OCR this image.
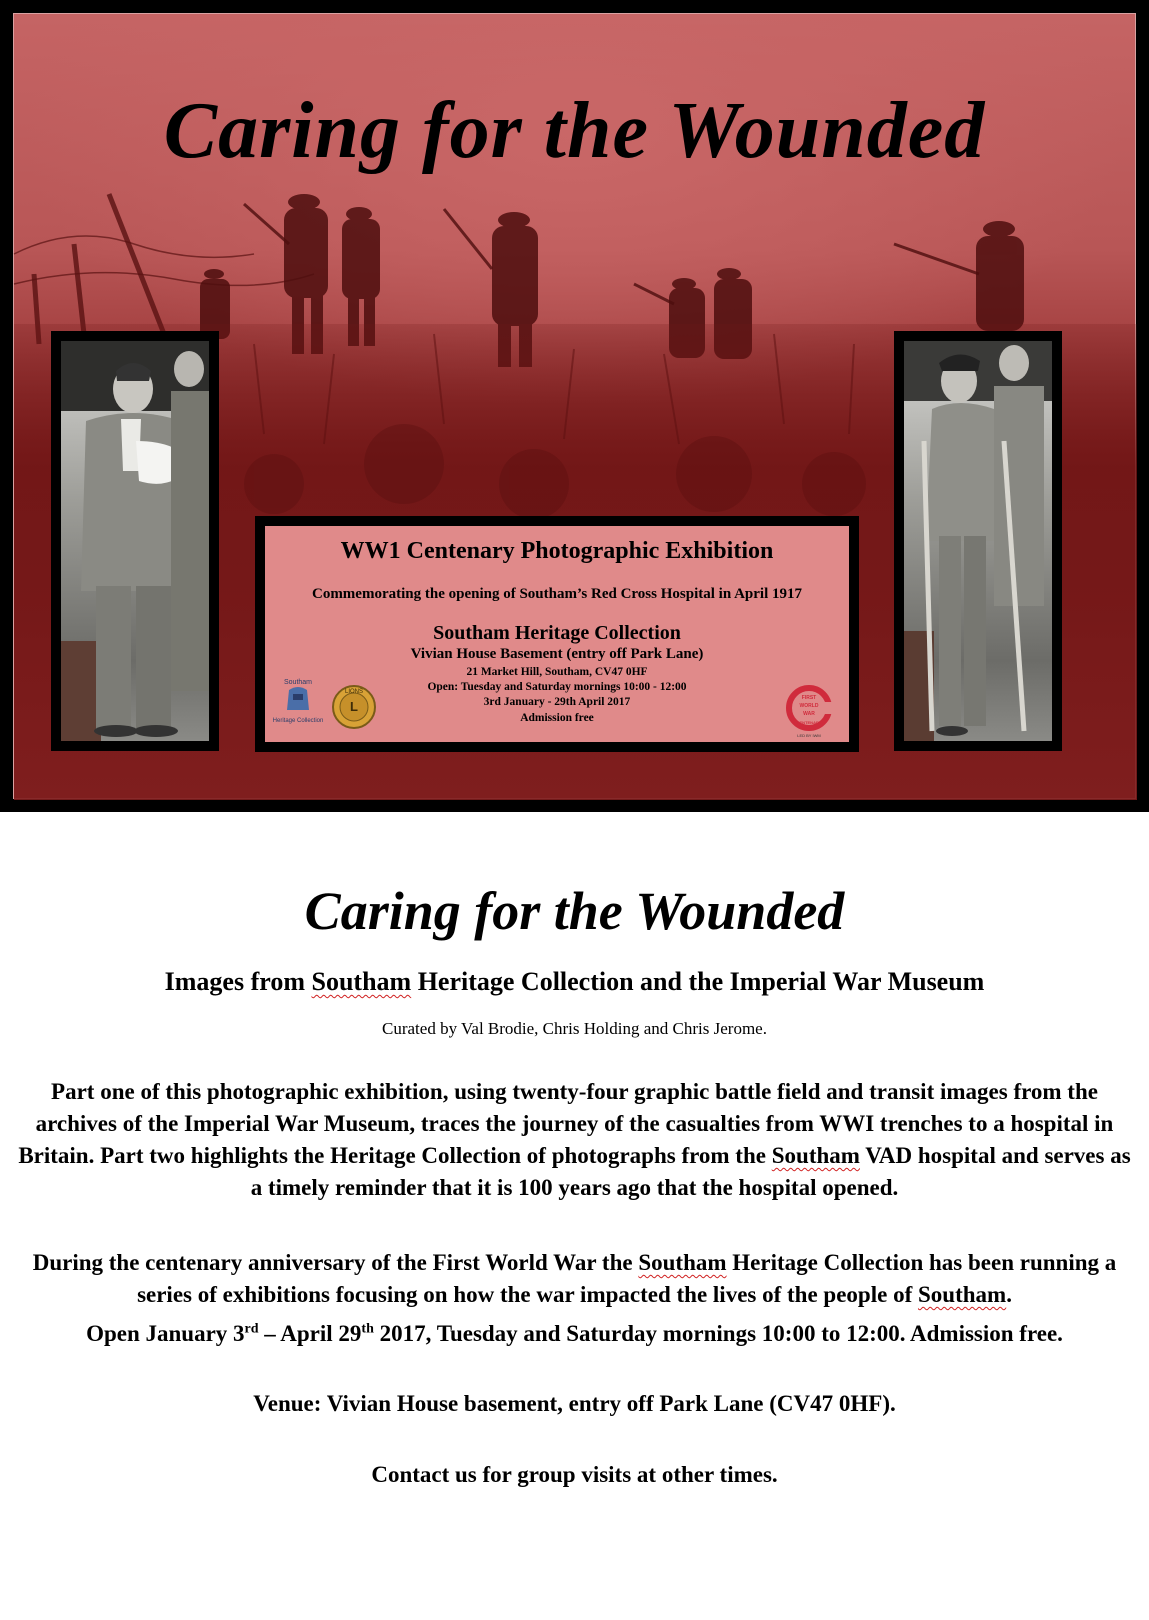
Caring for the Wounded
WW1 Centenary Photographic Exhibition
Commemorating the opening of Southam’s Red Cross Hospital in April 1917
Southam Heritage Collection
Vivian House Basement (entry off Park Lane)
21 Market Hill, Southam, CV47 0HF
Open: Tuesday and Saturday mornings 10:00 - 12:00
3rd January - 29th April 2017
Admission free
Southam
Heritage Collection
L
LIONS
FIRST
WORLD
WAR
CENTENARY
LED BY IWM
Caring for the Wounded

Images from Southam Heritage Collection and the Imperial War Museum

Curated by Val Brodie, Chris Holding and Chris Jerome.

Part one of this photographic exhibition, using twenty-four graphic battle field and transit images from the archives of the Imperial War Museum, traces the journey of the casualties from WWI trenches to a hospital in Britain. Part two highlights the Heritage Collection of photographs from the Southam VAD hospital and serves as a timely reminder that it is 100 years ago that the hospital opened.

During the centenary anniversary of the First World War the Southam Heritage Collection has been running a series of exhibitions focusing on how the war impacted the lives of the people of Southam.

Open January 3rd – April 29th 2017, Tuesday and Saturday mornings 10:00 to 12:00. Admission free.

Venue: Vivian House basement, entry off Park Lane (CV47 0HF).

Contact us for group visits at other times.
